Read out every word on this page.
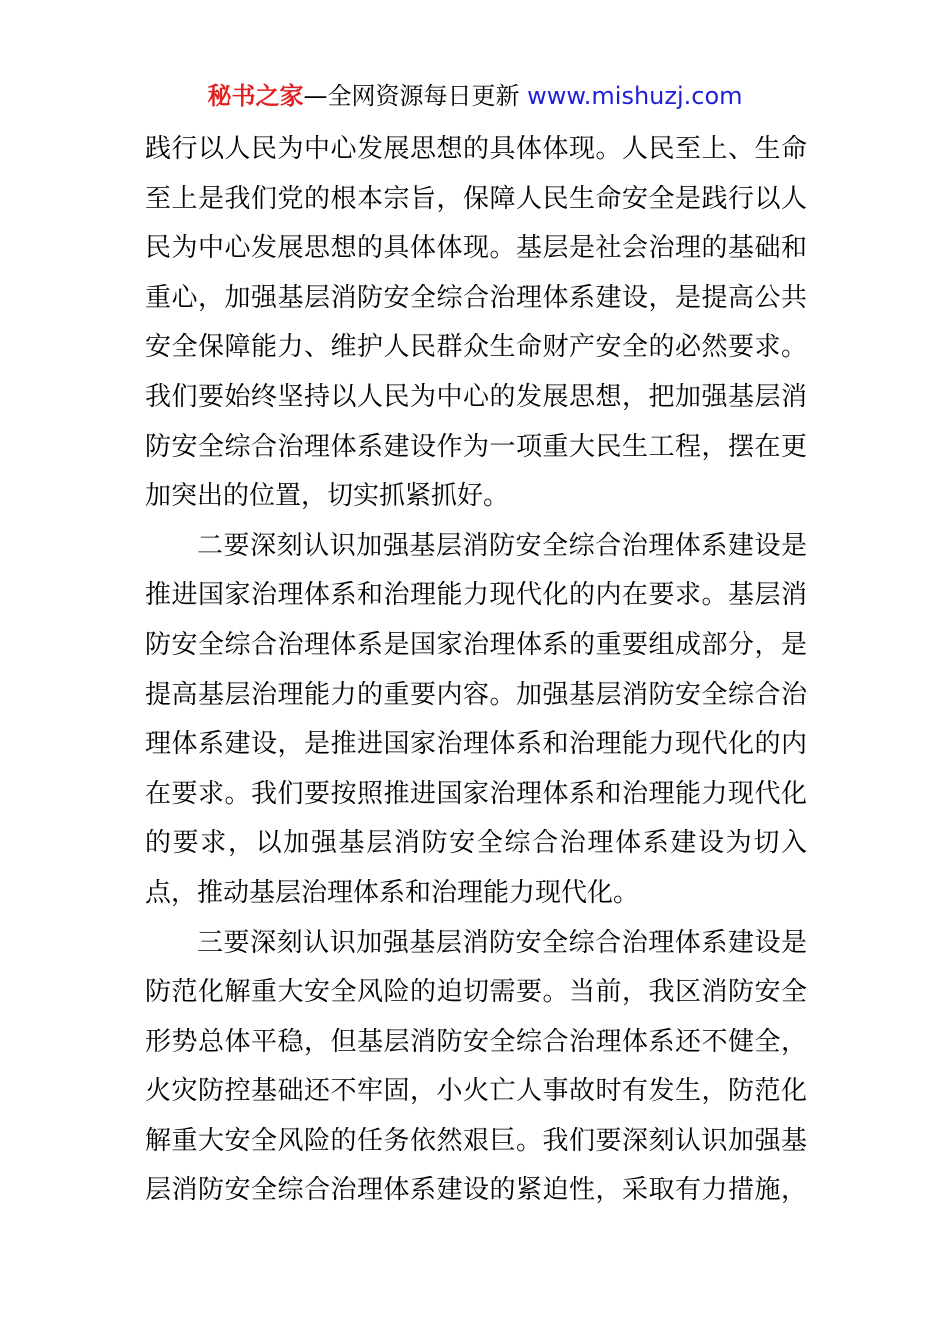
秘书之家—全网资源每日更新 www.mishuzj.com
践行以人民为中心发展思想的具体体现。人民至上、生命
至上是我们党的根本宗旨，保障人民生命安全是践行以人
民为中心发展思想的具体体现。基层是社会治理的基础和
重心，加强基层消防安全综合治理体系建设，是提高公共
安全保障能力、维护人民群众生命财产安全的必然要求。
我们要始终坚持以人民为中心的发展思想，把加强基层消
防安全综合治理体系建设作为一项重大民生工程，摆在更
加突出的位置，切实抓紧抓好。
二要深刻认识加强基层消防安全综合治理体系建设是
推进国家治理体系和治理能力现代化的内在要求。基层消
防安全综合治理体系是国家治理体系的重要组成部分，是
提高基层治理能力的重要内容。加强基层消防安全综合治
理体系建设，是推进国家治理体系和治理能力现代化的内
在要求。我们要按照推进国家治理体系和治理能力现代化
的要求，以加强基层消防安全综合治理体系建设为切入
点，推动基层治理体系和治理能力现代化。
三要深刻认识加强基层消防安全综合治理体系建设是
防范化解重大安全风险的迫切需要。当前，我区消防安全
形势总体平稳，但基层消防安全综合治理体系还不健全，
火灾防控基础还不牢固，小火亡人事故时有发生，防范化
解重大安全风险的任务依然艰巨。我们要深刻认识加强基
层消防安全综合治理体系建设的紧迫性，采取有力措施，
